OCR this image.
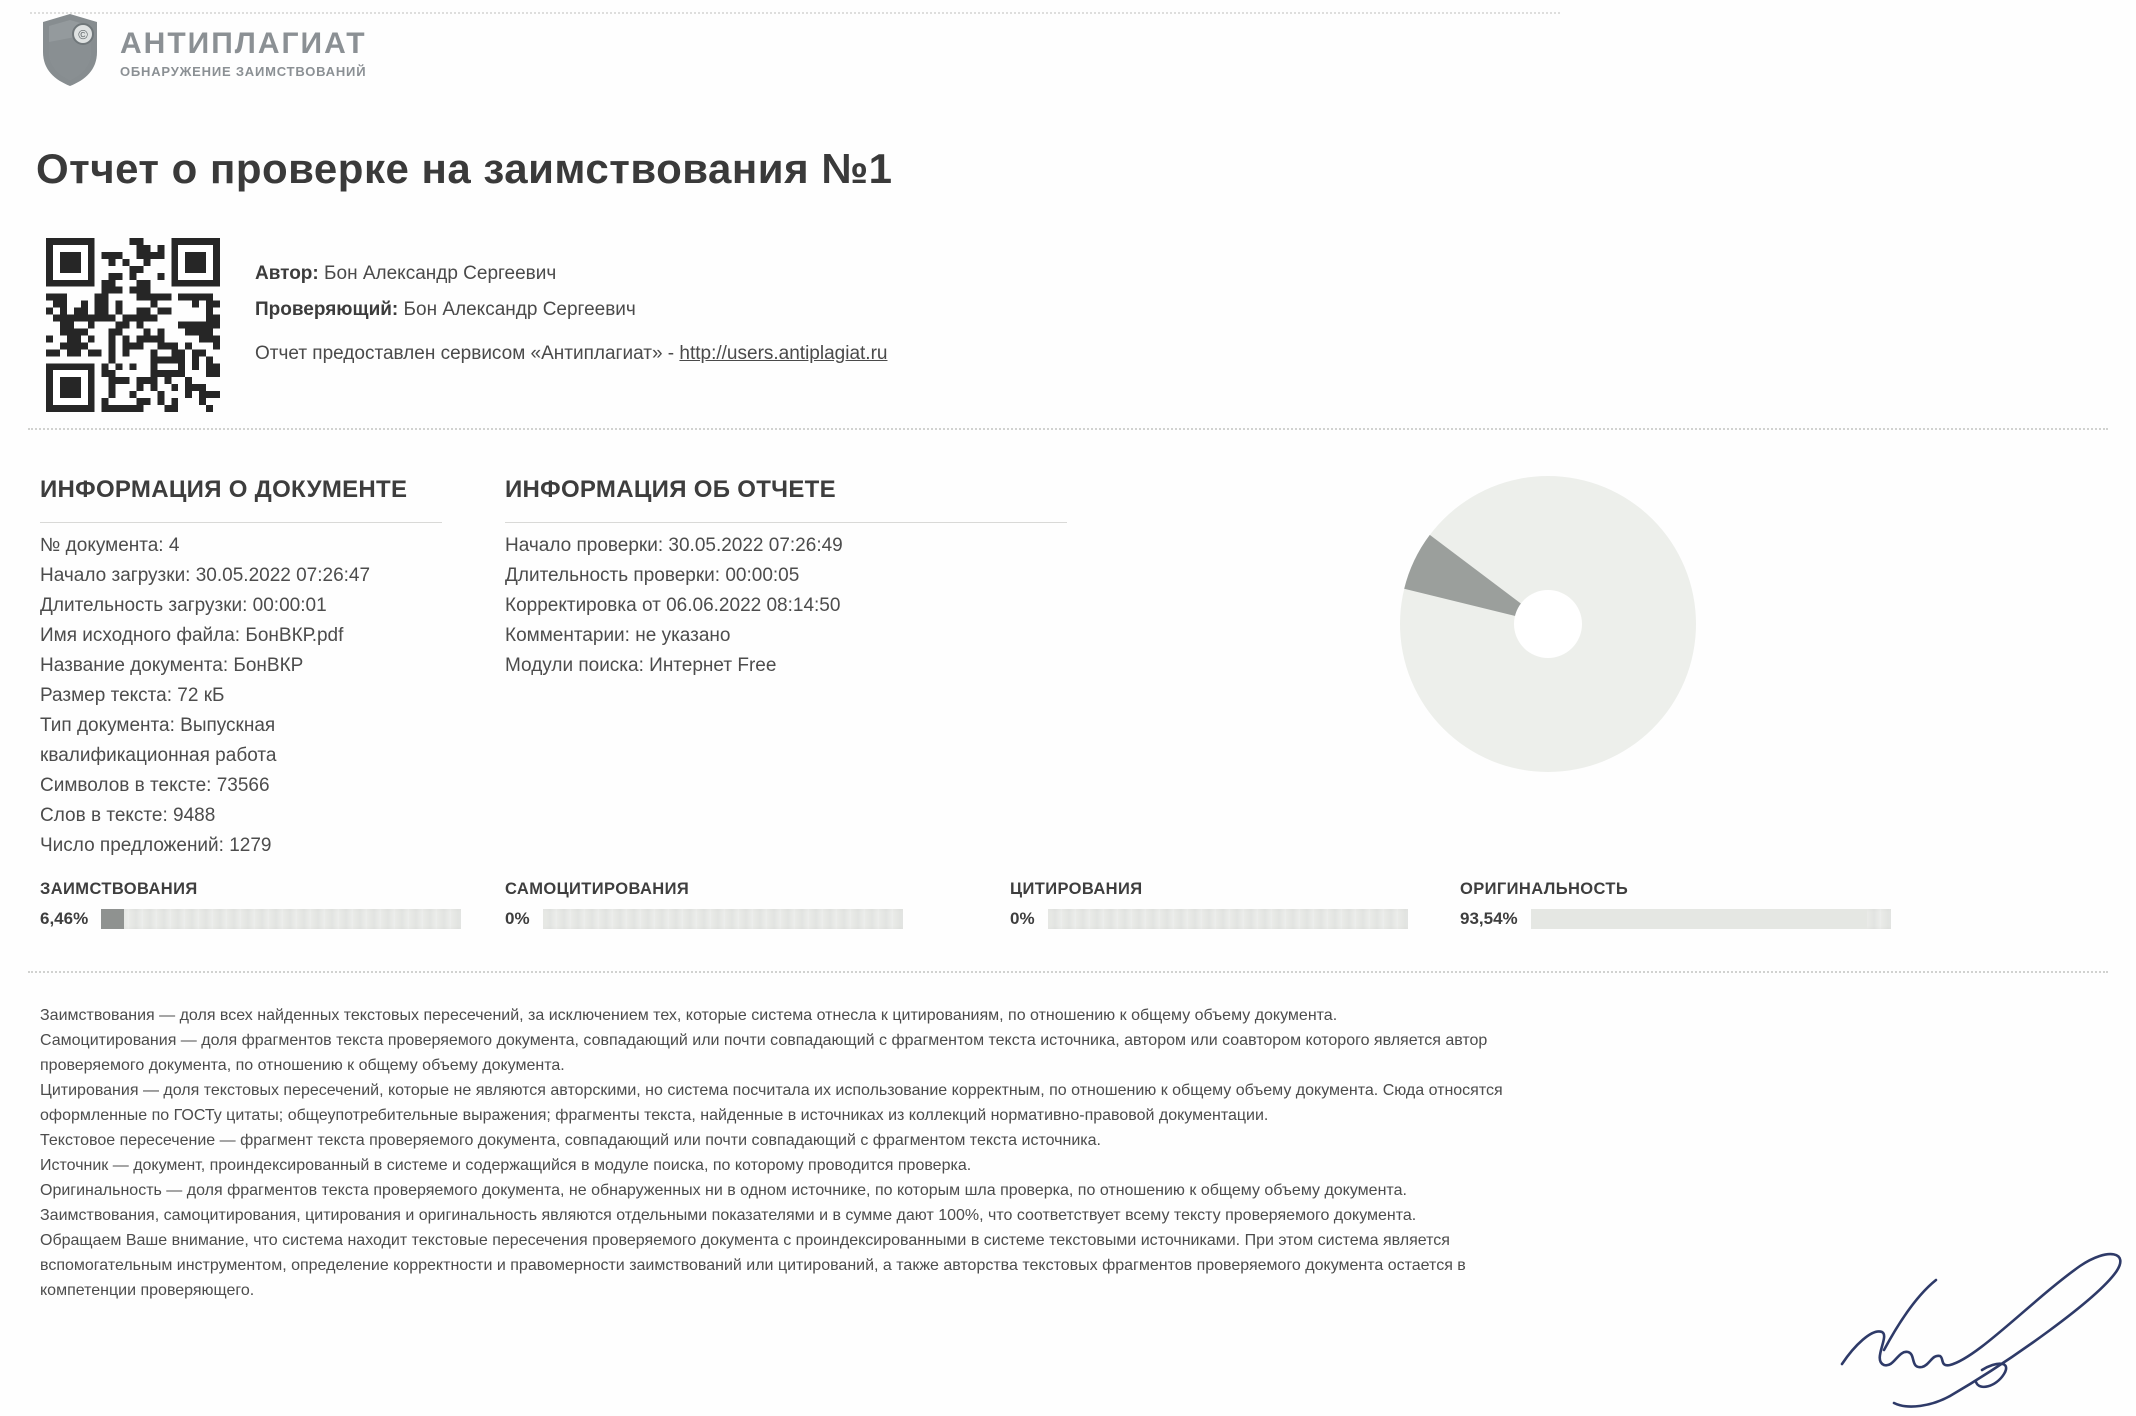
© АНТИПЛАГИАТ
ОБНАРУЖЕНИЕ ЗАИМСТВОВАНИЙ
Отчет о проверке на заимствования №1
Автор: Бон Александр Сергеевич
Проверяющий: Бон Александр Сергеевич
Отчет предоставлен сервисом «Антиплагиат» - http://users.antiplagiat.ru
ИНФОРМАЦИЯ О ДОКУМЕНТЕ
№ документа: 4
Начало загрузки: 30.05.2022 07:26:47
Длительность загрузки: 00:00:01
Имя исходного файла: БонВКР.pdf
Название документа: БонВКР
Размер текста: 72 кБ
Тип документа: Выпускная квалификационная работа
Символов в тексте: 73566
Слов в тексте: 9488
Число предложений: 1279
ИНФОРМАЦИЯ ОБ ОТЧЕТЕ
Начало проверки: 30.05.2022 07:26:49
Длительность проверки: 00:00:05
Корректировка от 06.06.2022 08:14:50
Комментарии: не указано
Модули поиска: Интернет Free
ЗАИМСТВОВАНИЯ
6,46%
САМОЦИТИРОВАНИЯ
0%
ЦИТИРОВАНИЯ
0%
ОРИГИНАЛЬНОСТЬ
93,54%

Заимствования — доля всех найденных текстовых пересечений, за исключением тех, которые система отнесла к цитированиям, по отношению к общему объему документа.

Самоцитирования — доля фрагментов текста проверяемого документа, совпадающий или почти совпадающий с фрагментом текста источника, автором или соавтором которого является автор проверяемого документа, по отношению к общему объему документа.

Цитирования — доля текстовых пересечений, которые не являются авторскими, но система посчитала их использование корректным, по отношению к общему объему документа. Сюда относятся оформленные по ГОСТу цитаты; общеупотребительные выражения; фрагменты текста, найденные в источниках из коллекций нормативно-правовой документации.

Текстовое пересечение — фрагмент текста проверяемого документа, совпадающий или почти совпадающий с фрагментом текста источника.

Источник — документ, проиндексированный в системе и содержащийся в модуле поиска, по которому проводится проверка.

Оригинальность — доля фрагментов текста проверяемого документа, не обнаруженных ни в одном источнике, по которым шла проверка, по отношению к общему объему документа.

Заимствования, самоцитирования, цитирования и оригинальность являются отдельными показателями и в сумме дают 100%, что соответствует всему тексту проверяемого документа.

Обращаем Ваше внимание, что система находит текстовые пересечения проверяемого документа с проиндексированными в системе текстовыми источниками. При этом система является вспомогательным инструментом, определение корректности и правомерности заимствований или цитирований, а также авторства текстовых фрагментов проверяемого документа остается в компетенции проверяющего.
